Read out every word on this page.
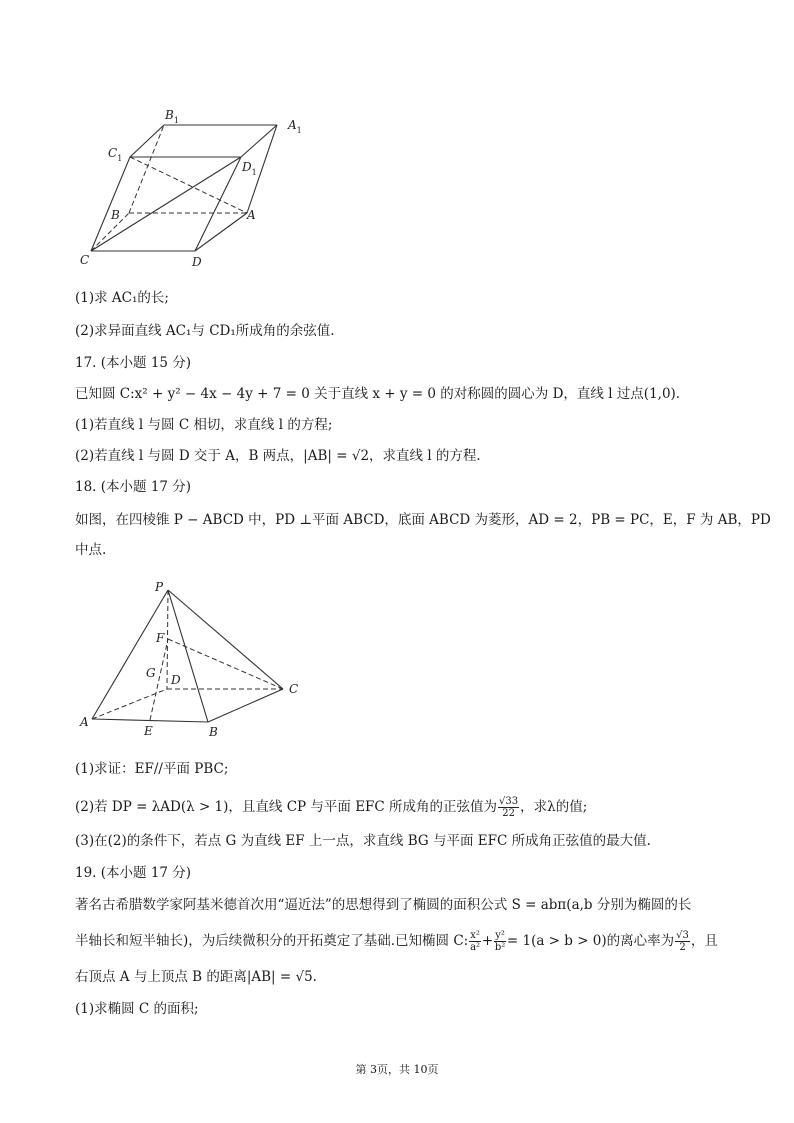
$B_1$	$A_1$
$C_1$
$D_1$
B	A
C	D
(1)求 AC₁的长;
(2)求异面直线 AC₁与 CD₁所成角的余弦值.
17. (本小题 15 分)
已知圆 C:x² + y² − 4x − 4y + 7 = 0 关于直线 x + y = 0 的对称圆的圆心为 D，直线 l 过点(1,0).
(1)若直线 l 与圆 C 相切，求直线 l 的方程;
(2)若直线 l 与圆 D 交于 A，B 两点，|AB| = √2，求直线 l 的方程.
18. (本小题 17 分)
如图，在四棱锥 P − ABCD 中，PD ⊥平面 ABCD，底面 ABCD 为菱形，AD = 2，PB = PC，E，F 为 AB，PD
中点.
P
F
G D
C
A
E	B
(1)求证：EF//平面 PBC;
(2)若 DP = λAD(λ > 1)，且直线 CP 与平面 EFC 所成角的正弦值为 $\frac{√33}{22}$ ，求λ的值;
(3)在(2)的条件下，若点 G 为直线 EF 上一点，求直线 BG 与平面 EFC 所成角正弦值的最大值.
19. (本小题 17 分)
著名古希腊数学家阿基米德首次用“逼近法”的思想得到了椭圆的面积公式 S = abπ(a,b 分别为椭圆的长
半轴长和短半轴长)，为后续微积分的开拓奠定了基础.已知椭圆 C: $\frac{\text{x²}}{\text{a²}} + \frac{\text{y²}}{\text{b²}} = 1(a > b > 0)$的离心率为 $\frac{√3}{2}$ ，且
右顶点 A 与上顶点 B 的距离|AB| = √5.
(1)求椭圆 C 的面积;
第 3页，共 10页
